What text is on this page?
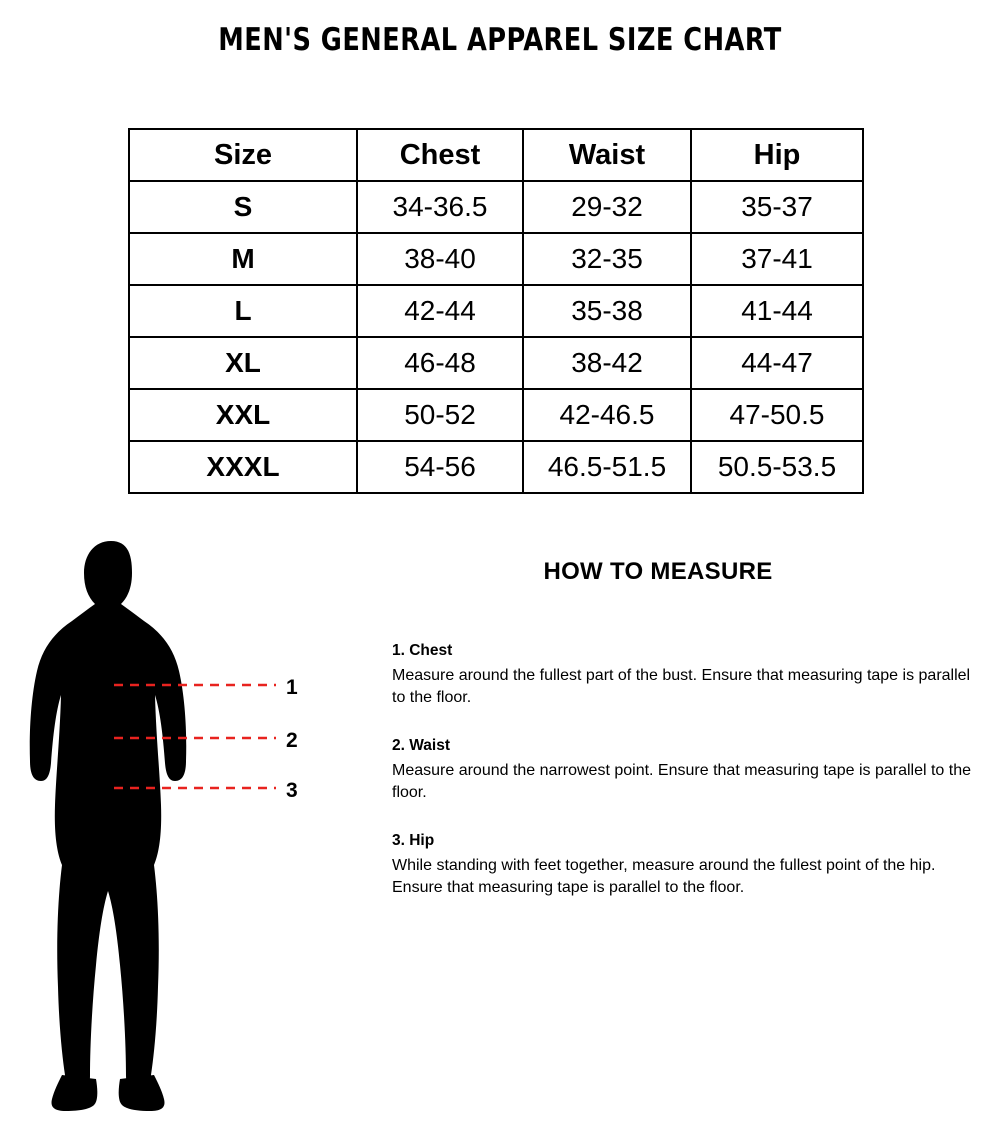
MEN'S GENERAL APPAREL SIZE CHART
Size	Chest	Waist	Hip
S	34-36.5	29-32	35-37
M	38-40	32-35	37-41
L	42-44	35-38	41-44
XL	46-48	38-42	44-47
XXL	50-52	42-46.5	47-50.5
XXXL	54-56	46.5-51.5	50.5-53.5
1
2
3
HOW TO MEASURE

1. Chest

Measure around the fullest part of the bust. Ensure that measuring tape is parallel to the floor.

2. Waist

Measure around the narrowest point. Ensure that measuring tape is parallel to the floor.

3. Hip

While standing with feet together, measure around the fullest point of the hip. Ensure that measuring tape is parallel to the floor.
